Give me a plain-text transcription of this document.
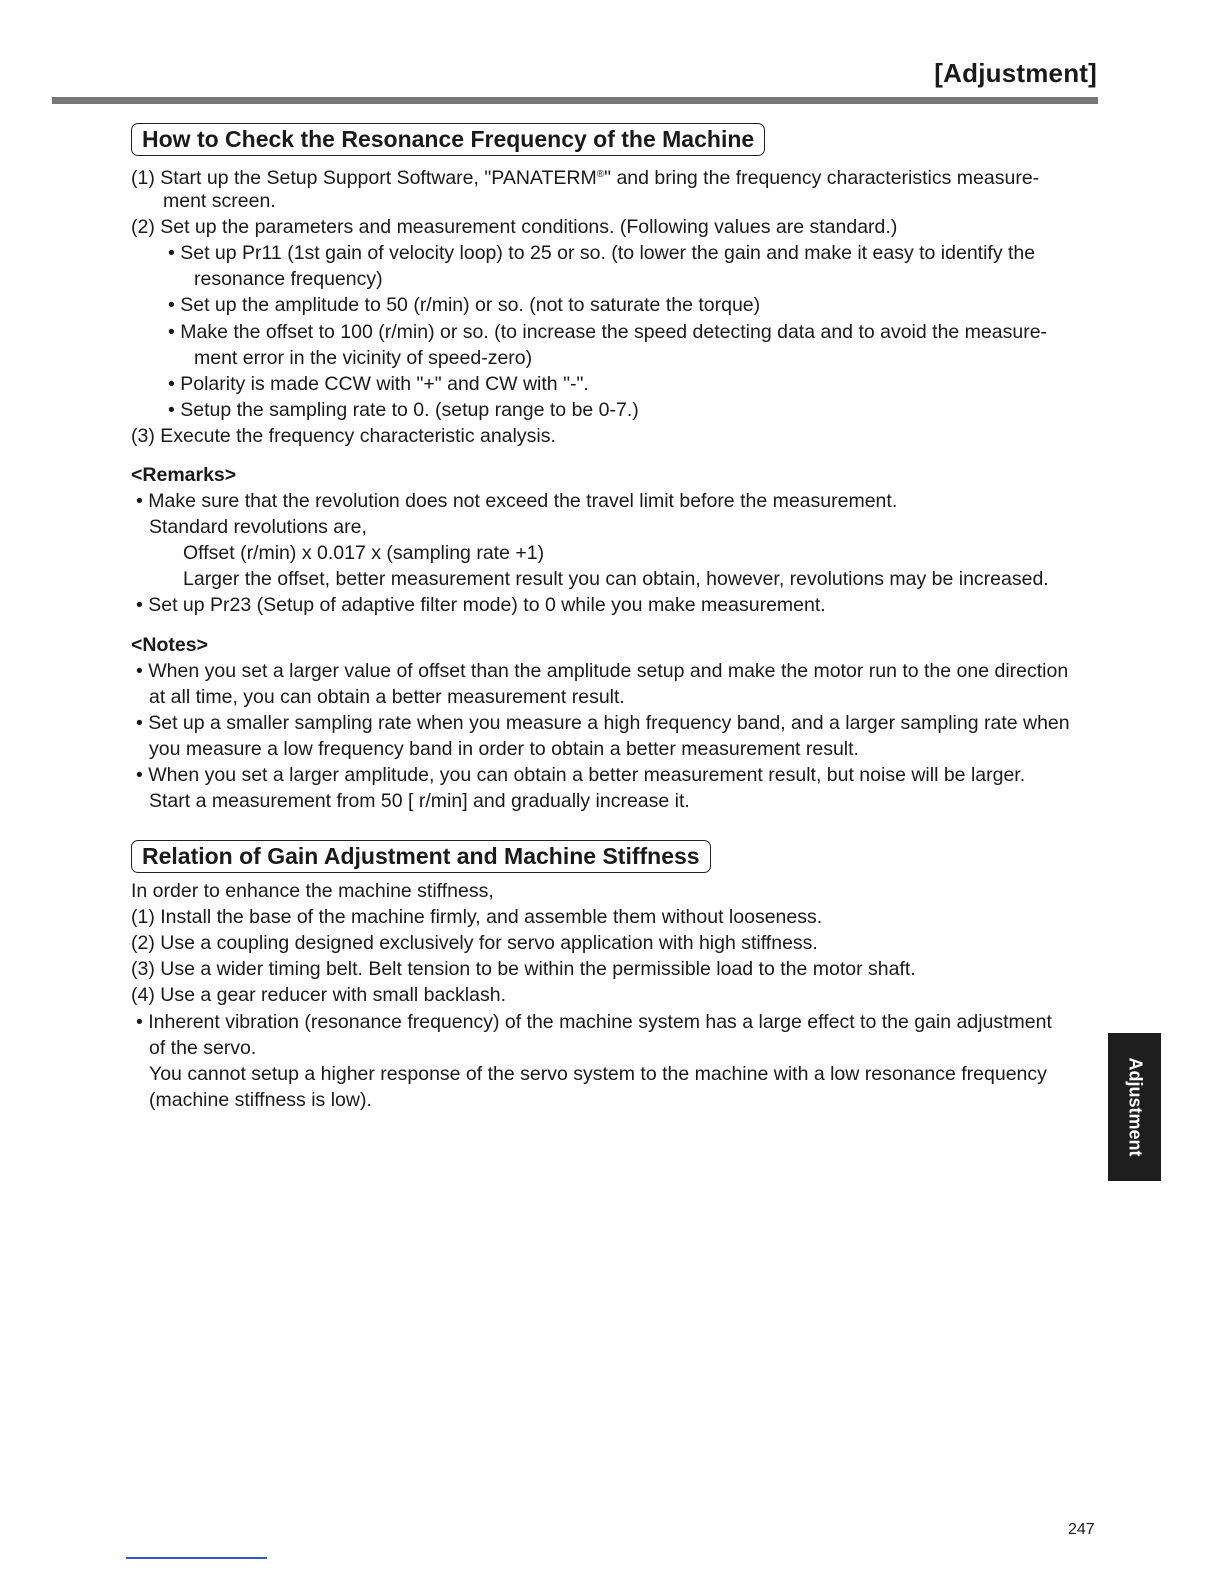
[Adjustment]
How to Check the Resonance Frequency of the Machine
(1) Start up the Setup Support Software, "PANATERM®" and bring the frequency characteristics measure-
ment screen.
(2) Set up the parameters and measurement conditions. (Following values are standard.)
• Set up Pr11 (1st gain of velocity loop) to 25 or so. (to lower the gain and make it easy to identify the
resonance frequency)
• Set up the amplitude to 50 (r/min) or so. (not to saturate the torque)
• Make the offset to 100 (r/min) or so. (to increase the speed detecting data and to avoid the measure-
ment error in the vicinity of speed-zero)
• Polarity is made CCW with "+" and CW with "-".
• Setup the sampling rate to 0. (setup range to be 0-7.)
(3) Execute the frequency characteristic analysis.
<Remarks>
• Make sure that the revolution does not exceed the travel limit before the measurement.
Standard revolutions are,
Offset (r/min) x 0.017 x (sampling rate +1)
Larger the offset, better measurement result you can obtain, however, revolutions may be increased.
• Set up Pr23 (Setup of adaptive filter mode) to 0 while you make measurement.
<Notes>
• When you set a larger value of offset than the amplitude setup and make the motor run to the one direction
at all time, you can obtain a better measurement result.
• Set up a smaller sampling rate when you measure a high frequency band, and a larger sampling rate when
you measure a low frequency band in order to obtain a better measurement result.
• When you set a larger amplitude, you can obtain a better measurement result, but noise will be larger.
Start a measurement from 50 [ r/min] and gradually increase it.
Relation of Gain Adjustment and Machine Stiffness
In order to enhance the machine stiffness,
(1) Install the base of the machine firmly, and assemble them without looseness.
(2) Use a coupling designed exclusively for servo application with high stiffness.
(3) Use a wider timing belt. Belt tension to be within the permissible load to the motor shaft.
(4) Use a gear reducer with small backlash.
• Inherent vibration (resonance frequency) of the machine system has a large effect to the gain adjustment
of the servo.
You cannot setup a higher response of the servo system to the machine with a low resonance frequency
(machine stiffness is low).	Adjustment
247
